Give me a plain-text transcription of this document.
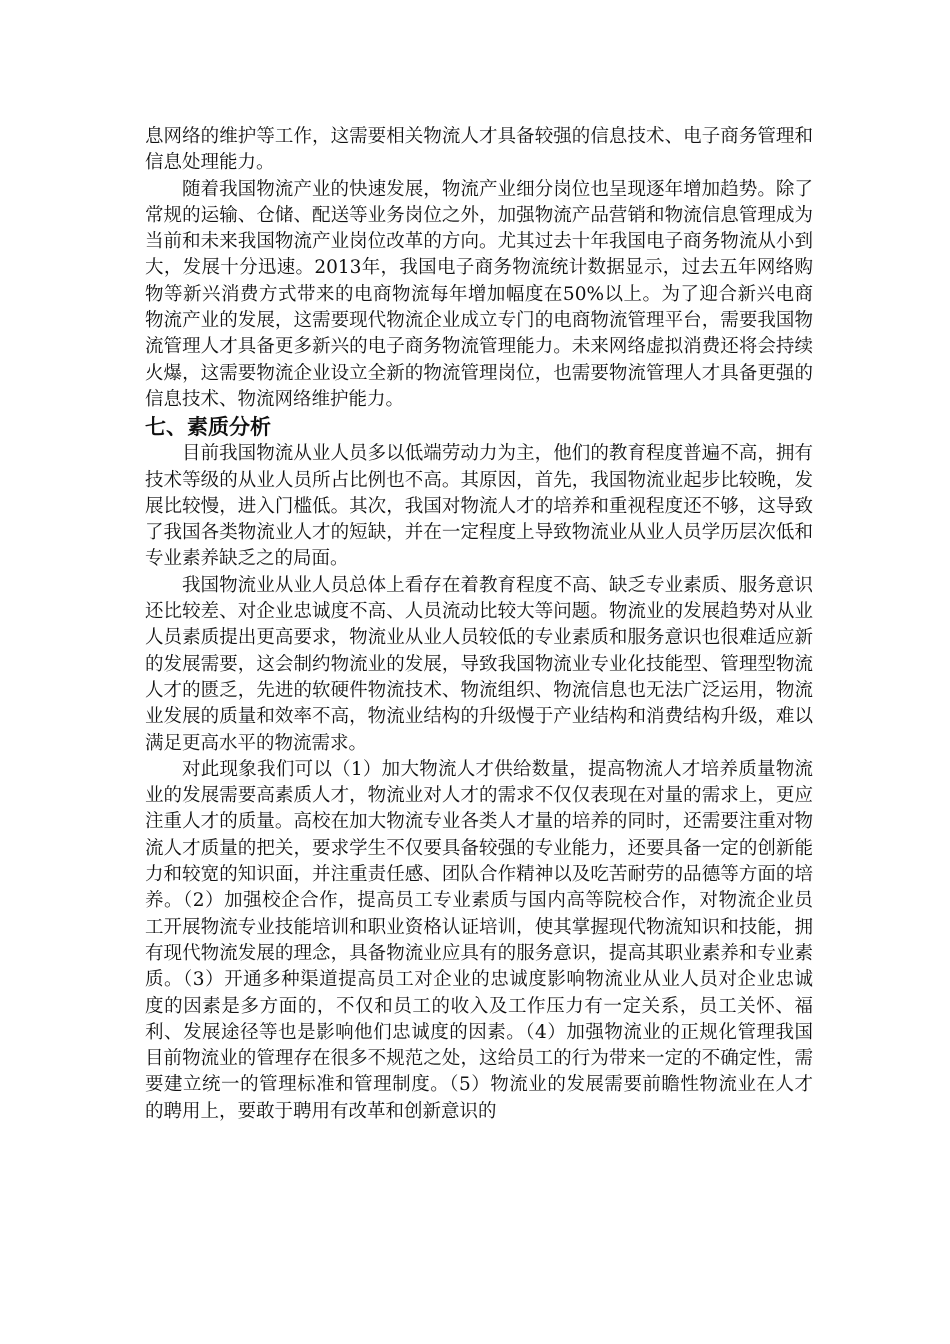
息网络的维护等工作，这需要相关物流人才具备较强的信息技术、电子商务管理和信息处理能力。

随着我国物流产业的快速发展，物流产业细分岗位也呈现逐年增加趋势。除了常规的运输、仓储、配送等业务岗位之外，加强物流产品营销和物流信息管理成为当前和未来我国物流产业岗位改革的方向。尤其过去十年我国电子商务物流从小到大，发展十分迅速。2013年，我国电子商务物流统计数据显示，过去五年网络购物等新兴消费方式带来的电商物流每年增加幅度在50%以上。为了迎合新兴电商物流产业的发展，这需要现代物流企业成立专门的电商物流管理平台，需要我国物流管理人才具备更多新兴的电子商务物流管理能力。未来网络虚拟消费还将会持续火爆，这需要物流企业设立全新的物流管理岗位，也需要物流管理人才具备更强的信息技术、物流网络维护能力。

七、素质分析

目前我国物流从业人员多以低端劳动力为主，他们的教育程度普遍不高，拥有技术等级的从业人员所占比例也不高。其原因，首先，我国物流业起步比较晚，发展比较慢，进入门槛低。其次，我国对物流人才的培养和重视程度还不够，这导致了我国各类物流业人才的短缺，并在一定程度上导致物流业从业人员学历层次低和专业素养缺乏之的局面。

我国物流业从业人员总体上看存在着教育程度不高、缺乏专业素质、服务意识还比较差、对企业忠诚度不高、人员流动比较大等问题。物流业的发展趋势对从业人员素质提出更高要求，物流业从业人员较低的专业素质和服务意识也很难适应新的发展需要，这会制约物流业的发展，导致我国物流业专业化技能型、管理型物流人才的匮乏，先进的软硬件物流技术、物流组织、物流信息也无法广泛运用，物流业发展的质量和效率不高，物流业结构的升级慢于产业结构和消费结构升级，难以满足更高水平的物流需求。

对此现象我们可以（1）加大物流人才供给数量，提高物流人才培养质量物流业的发展需要高素质人才，物流业对人才的需求不仅仅表现在对量的需求上，更应注重人才的质量。高校在加大物流专业各类人才量的培养的同时，还需要注重对物流人才质量的把关，要求学生不仅要具备较强的专业能力，还要具备一定的创新能力和较宽的知识面，并注重责任感、团队合作精神以及吃苦耐劳的品德等方面的培养。（2）加强校企合作，提高员工专业素质与国内高等院校合作，对物流企业员工开展物流专业技能培训和职业资格认证培训，使其掌握现代物流知识和技能，拥有现代物流发展的理念，具备物流业应具有的服务意识，提高其职业素养和专业素质。（3）开通多种渠道提高员工对企业的忠诚度影响物流业从业人员对企业忠诚度的因素是多方面的，不仅和员工的收入及工作压力有一定关系，员工关怀、福利、发展途径等也是影响他们忠诚度的因素。（4）加强物流业的正规化管理我国目前物流业的管理存在很多不规范之处，这给员工的行为带来一定的不确定性，需要建立统一的管理标准和管理制度。（5）物流业的发展需要前瞻性物流业在人才的聘用上，要敢于聘用有改革和创新意识的
